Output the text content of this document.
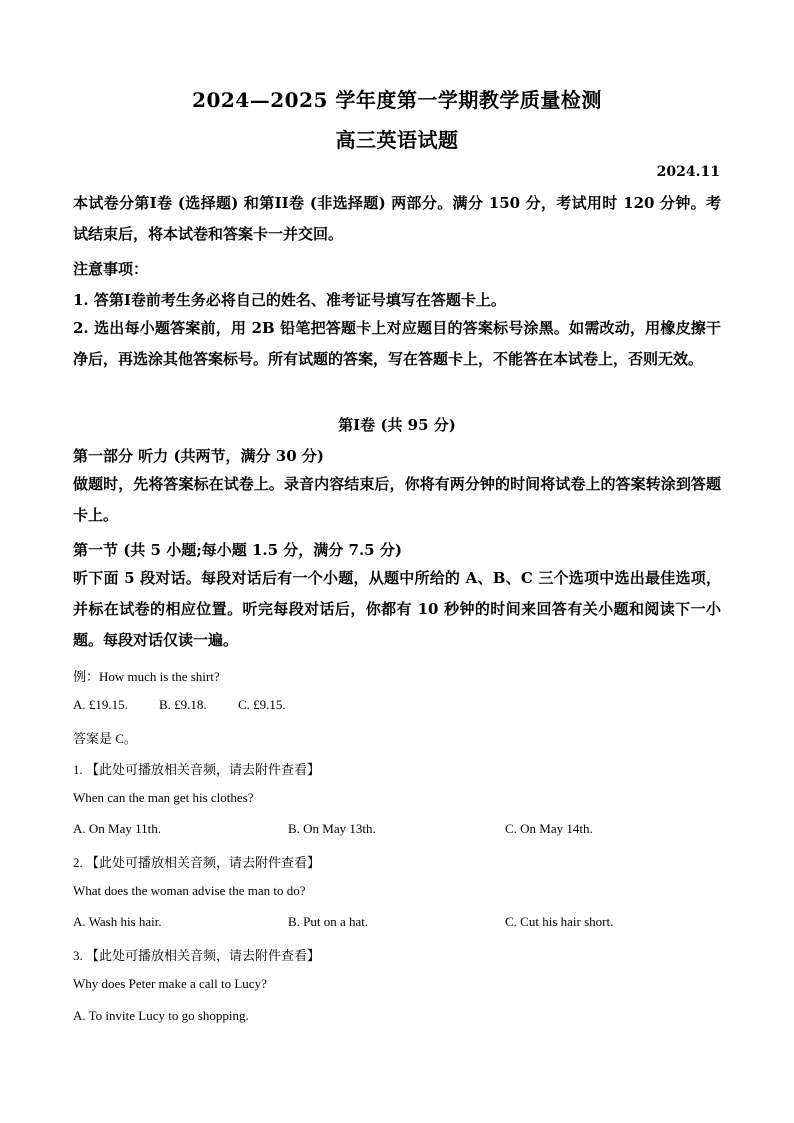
2024—2025 学年度第一学期教学质量检测
高三英语试题
2024.11
本试卷分第I卷 (选择题) 和第II卷 (非选择题) 两部分。满分 150 分，考试用时 120 分钟。考试结束后，将本试卷和答案卡一并交回。
注意事项：
1. 答第I卷前考生务必将自己的姓名、准考证号填写在答题卡上。
2. 选出每小题答案前，用 2B 铅笔把答题卡上对应题目的答案标号涂黑。如需改动，用橡皮擦干净后，再选涂其他答案标号。所有试题的答案，写在答题卡上，不能答在本试卷上，否则无效。
第I卷 (共 95 分)
第一部分 听力 (共两节，满分 30 分)
做题时，先将答案标在试卷上。录音内容结束后，你将有两分钟的时间将试卷上的答案转涂到答题卡上。
第一节 (共 5 小题;每小题 1.5 分，满分 7.5 分)
听下面 5 段对话。每段对话后有一个小题，从题中所给的 A、B、C 三个选项中选出最佳选项，并标在试卷的相应位置。听完每段对话后，你都有 10 秒钟的时间来回答有关小题和阅读下一小题。每段对话仅读一遍。
例：How much is the shirt?
A. £19.15. B. £9.18. C. £9.15.
答案是 C。
1. 【此处可播放相关音频，请去附件查看】
When can the man get his clothes?
A. On May 11th.	B. On May 13th.	C. On May 14th.
2. 【此处可播放相关音频，请去附件查看】
What does the woman advise the man to do?
A. Wash his hair.	B. Put on a hat.	C. Cut his hair short.
3. 【此处可播放相关音频，请去附件查看】
Why does Peter make a call to Lucy?
A. To invite Lucy to go shopping.
